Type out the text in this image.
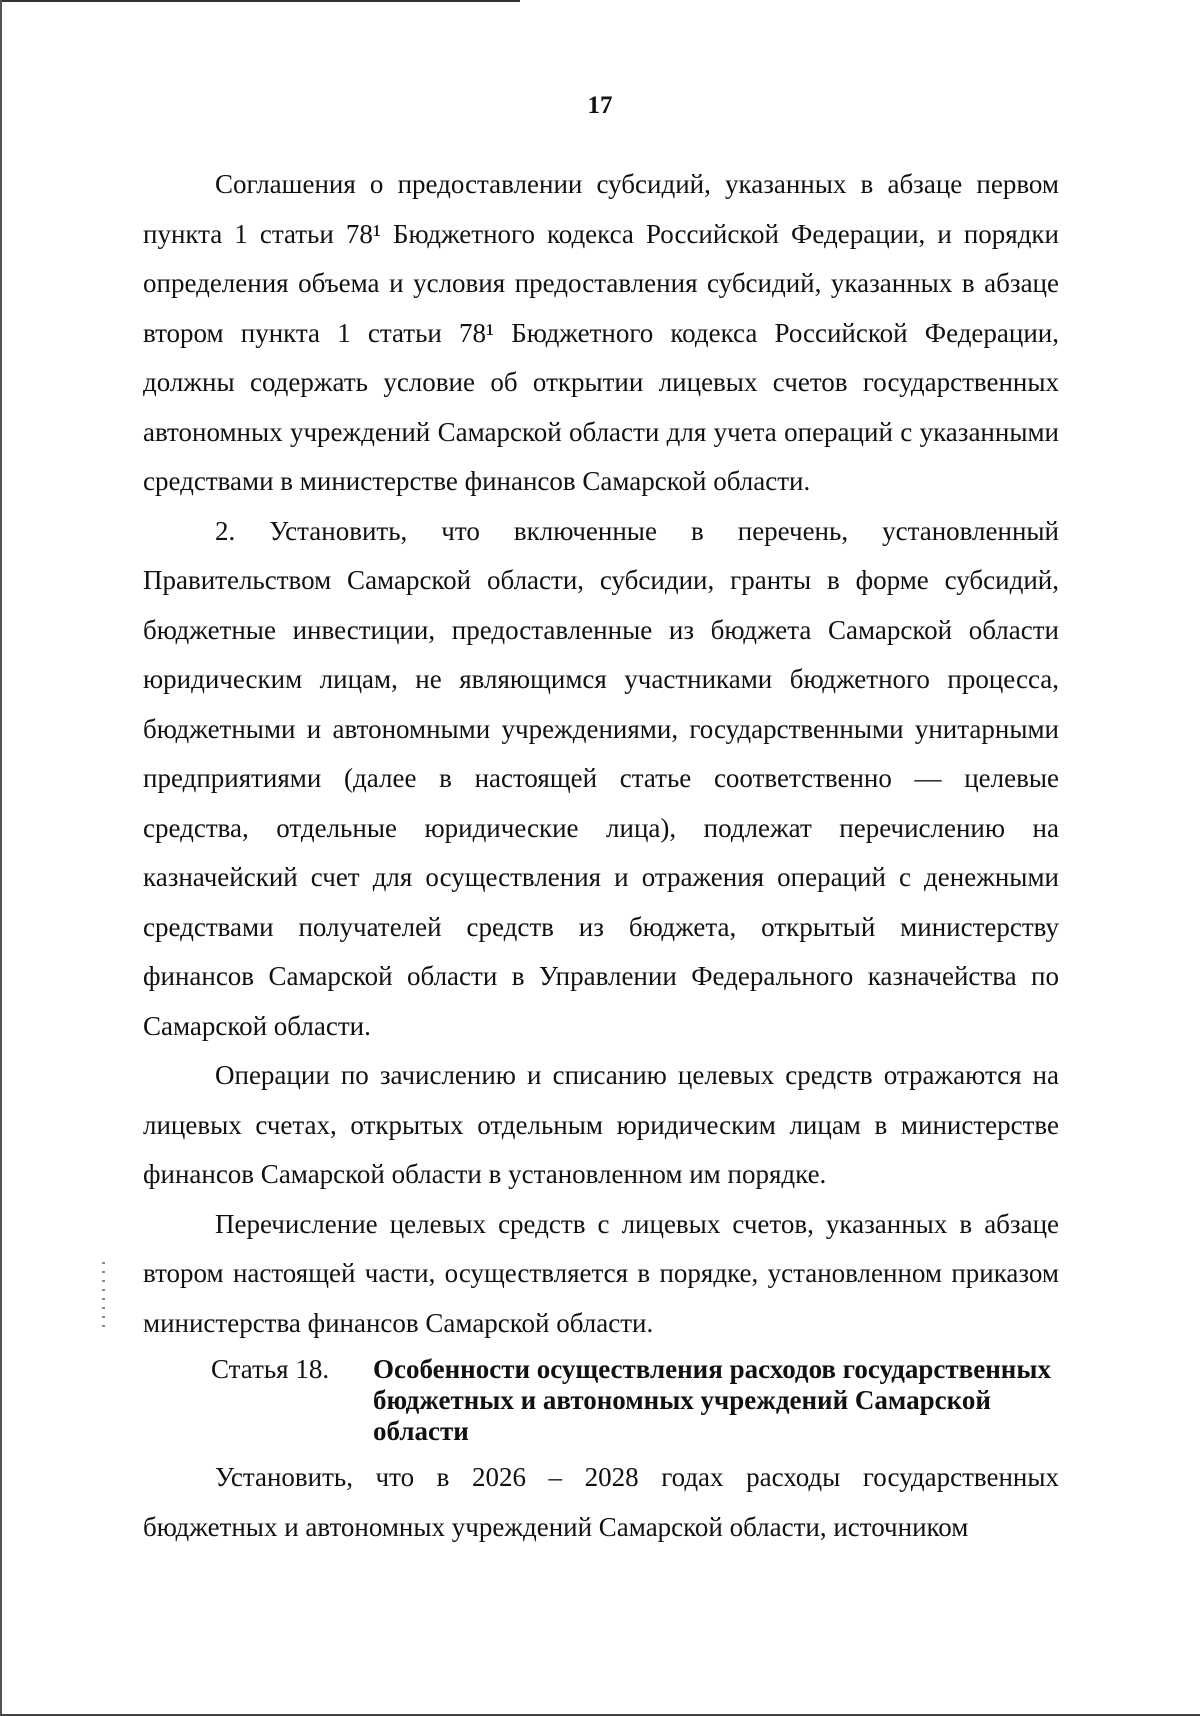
17

Соглашения о предоставлении субсидий, указанных в абзаце первом пункта 1 статьи 78¹ Бюджетного кодекса Российской Федерации, и порядки определения объема и условия предоставления субсидий, указанных в абзаце втором пункта 1 статьи 78¹ Бюджетного кодекса Российской Федерации, должны содержать условие об открытии лицевых счетов государственных автономных учреждений Самарской области для учета операций с указанными средствами в министерстве финансов Самарской области.

2. Установить, что включенные в перечень, установленный Правительством Самарской области, субсидии, гранты в форме субсидий, бюджетные инвестиции, предоставленные из бюджета Самарской области юридическим лицам, не являющимся участниками бюджетного процесса, бюджетными и автономными учреждениями, государственными унитарными предприятиями (далее в настоящей статье соответственно — целевые средства, отдельные юридические лица), подлежат перечислению на казначейский счет для осуществления и отражения операций с денежными средствами получателей средств из бюджета, открытый министерству финансов Самарской области в Управлении Федерального казначейства по Самарской области.

Операции по зачислению и списанию целевых средств отражаются на лицевых счетах, открытых отдельным юридическим лицам в министерстве финансов Самарской области в установленном им порядке.

Перечисление целевых средств с лицевых счетов, указанных в абзаце втором настоящей части, осуществляется в порядке, установленном приказом министерства финансов Самарской области.

Статья 18.	Особенности осуществления расходов государственных бюджетных и автономных учреждений Самарской области

Установить, что в 2026 – 2028 годах расходы государственных бюджетных и автономных учреждений Самарской области, источником
